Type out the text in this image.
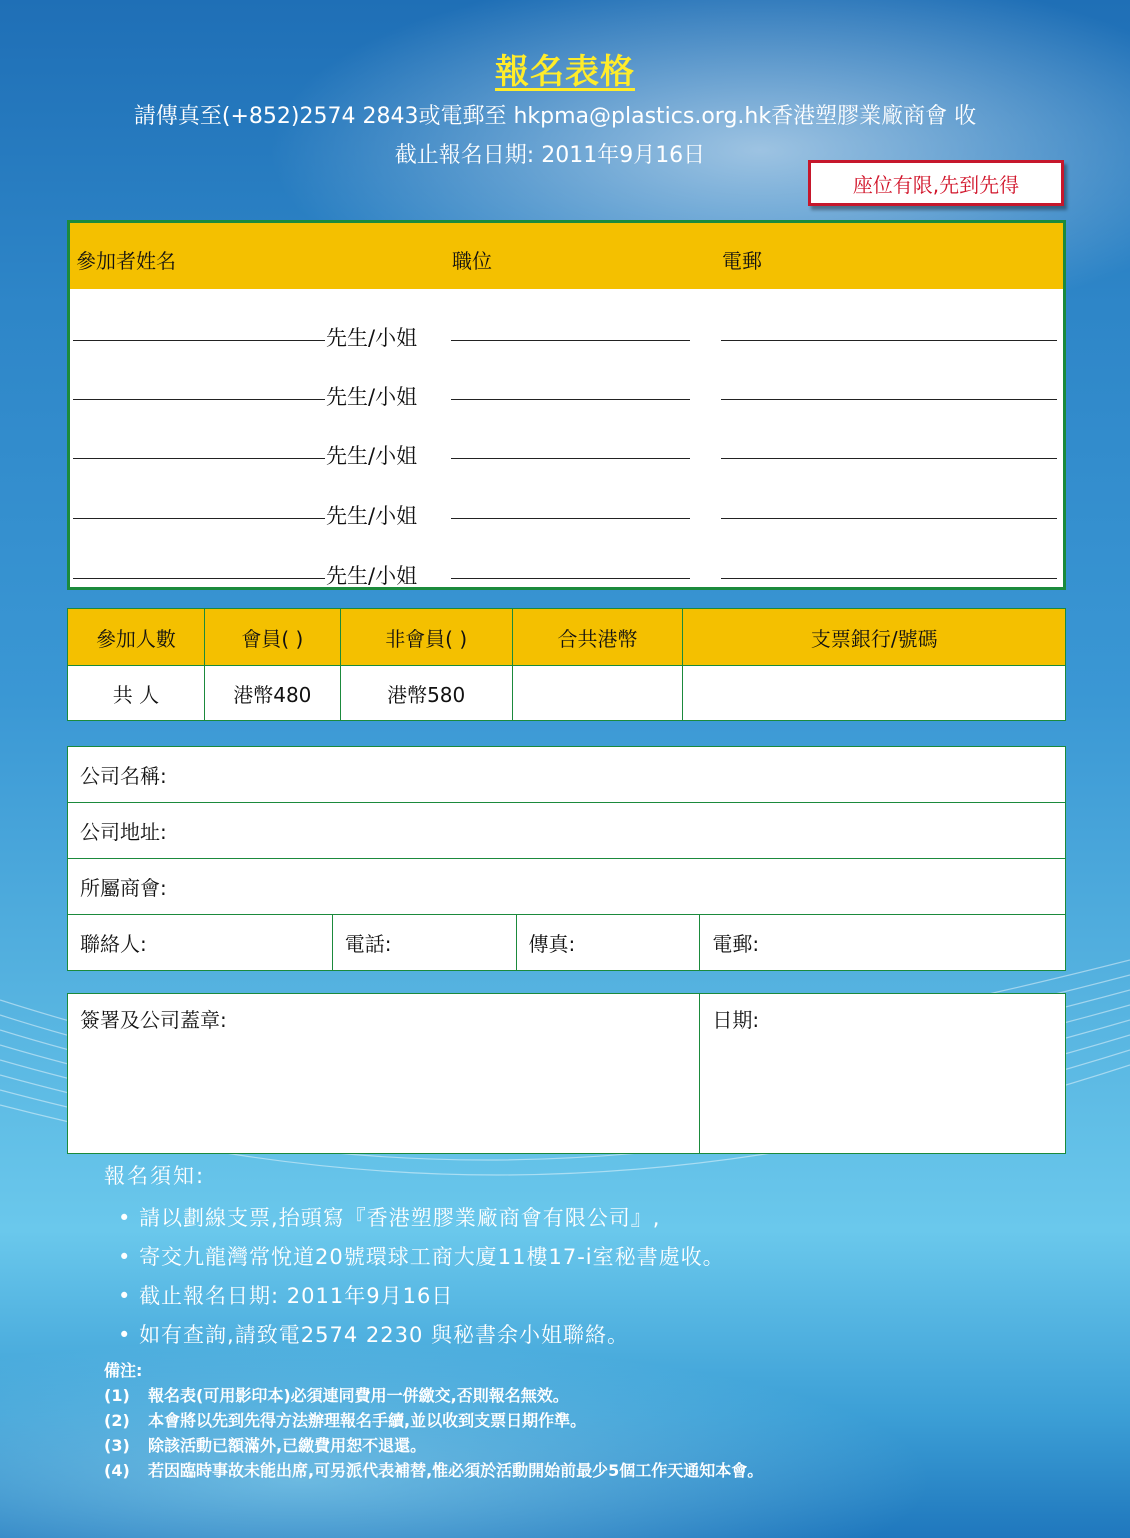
報名表格
請傳真至(+852)2574 2843或電郵至 hkpma@plastics.org.hk香港塑膠業廠商會 收
截止報名日期: 2011年9月16日
座位有限,先到先得
參加者姓名	職位	電郵
先生/小姐
先生/小姐
先生/小姐
先生/小姐
先生/小姐
參加人數	會員( )	非會員( )	合共港幣	支票銀行/號碼
共 人	港幣480	港幣580		
公司名稱:
公司地址:
所屬商會:
聯絡人:	電話:	傳真:	電郵:
簽署及公司蓋章:	日期:
報名須知:
• 請以劃線支票,抬頭寫『香港塑膠業廠商會有限公司』,
• 寄交九龍灣常悅道20號環球工商大廈11樓17-i室秘書處收。
• 截止報名日期: 2011年9月16日
• 如有查詢,請致電2574 2230 與秘書余小姐聯絡。
備注:
(1) 報名表(可用影印本)必須連同費用一併繳交,否則報名無效。
(2) 本會將以先到先得方法辦理報名手續,並以收到支票日期作準。
(3) 除該活動已額滿外,已繳費用恕不退還。
(4) 若因臨時事故未能出席,可另派代表補替,惟必須於活動開始前最少5個工作天通知本會。
